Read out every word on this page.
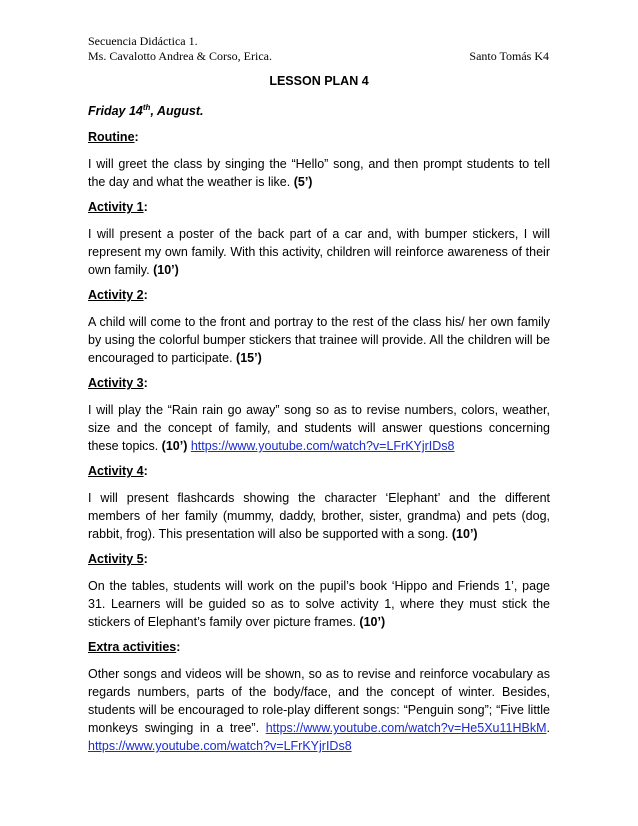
Secuencia Didáctica 1.
Ms. Cavalotto Andrea & Corso, Erica.	Santo Tomás K4
LESSON PLAN 4
Friday 14th, August.
Routine:

I will greet the class by singing the “Hello” song, and then prompt students to tell the day and what the weather is like. (5’)

Activity 1:

I will present a poster of the back part of a car and, with bumper stickers, I will represent my own family. With this activity, children will reinforce awareness of their own family. (10’)

Activity 2:

A child will come to the front and portray to the rest of the class his/ her own family by using the colorful bumper stickers that trainee will provide. All the children will be encouraged to participate. (15’)

Activity 3:

I will play the “Rain rain go away” song so as to revise numbers, colors, weather, size and the concept of family, and students will answer questions concerning these topics. (10’) https://www.youtube.com/watch?v=LFrKYjrIDs8

Activity 4:

I will present flashcards showing the character ‘Elephant’ and the different members of her family (mummy, daddy, brother, sister, grandma) and pets (dog, rabbit, frog). This presentation will also be supported with a song. (10’)

Activity 5:

On the tables, students will work on the pupil’s book ‘Hippo and Friends 1’, page 31. Learners will be guided so as to solve activity 1, where they must stick the stickers of Elephant’s family over picture frames. (10’)

Extra activities:

Other songs and videos will be shown, so as to revise and reinforce vocabulary as regards numbers, parts of the body/face, and the concept of winter. Besides, students will be encouraged to role-play different songs: “Penguin song”; “Five little monkeys swinging in a tree”. https://www.youtube.com/watch?v=He5Xu11HBkM. https://www.youtube.com/watch?v=LFrKYjrIDs8
